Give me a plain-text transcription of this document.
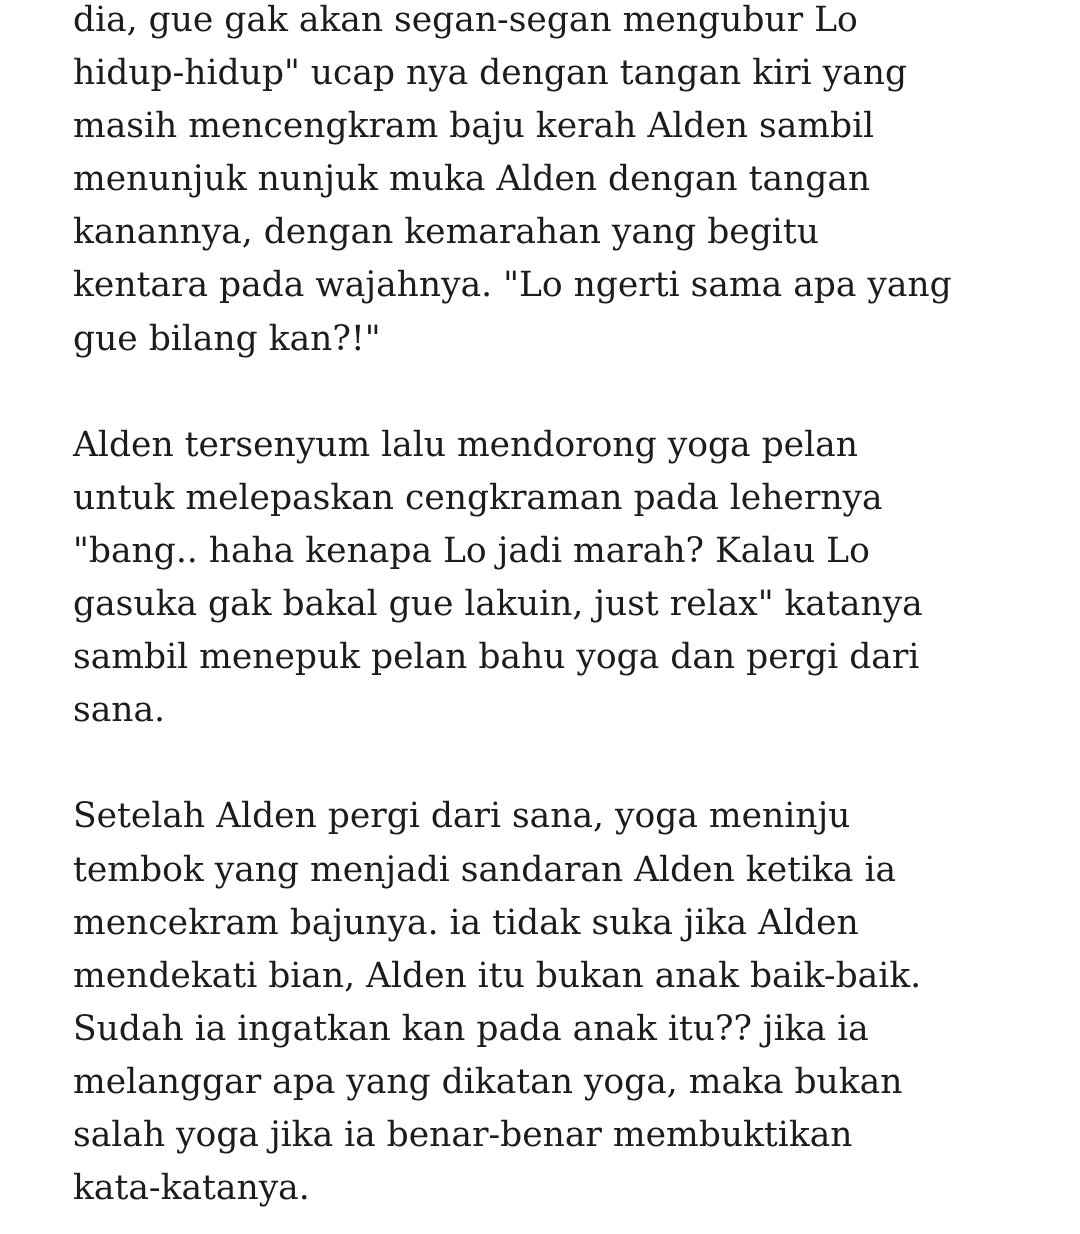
dia, gue gak akan segan-segan mengubur Lo
hidup-hidup" ucap nya dengan tangan kiri yang
masih mencengkram baju kerah Alden sambil
menunjuk nunjuk muka Alden dengan tangan
kanannya, dengan kemarahan yang begitu
kentara pada wajahnya. "Lo ngerti sama apa yang
gue bilang kan?!"

Alden tersenyum lalu mendorong yoga pelan
untuk melepaskan cengkraman pada lehernya
"bang.. haha kenapa Lo jadi marah? Kalau Lo
gasuka gak bakal gue lakuin, just relax" katanya
sambil menepuk pelan bahu yoga dan pergi dari
sana.

Setelah Alden pergi dari sana, yoga meninju
tembok yang menjadi sandaran Alden ketika ia
mencekram bajunya. ia tidak suka jika Alden
mendekati bian, Alden itu bukan anak baik-baik.
Sudah ia ingatkan kan pada anak itu?? jika ia
melanggar apa yang dikatan yoga, maka bukan
salah yoga jika ia benar-benar membuktikan
kata-katanya.
